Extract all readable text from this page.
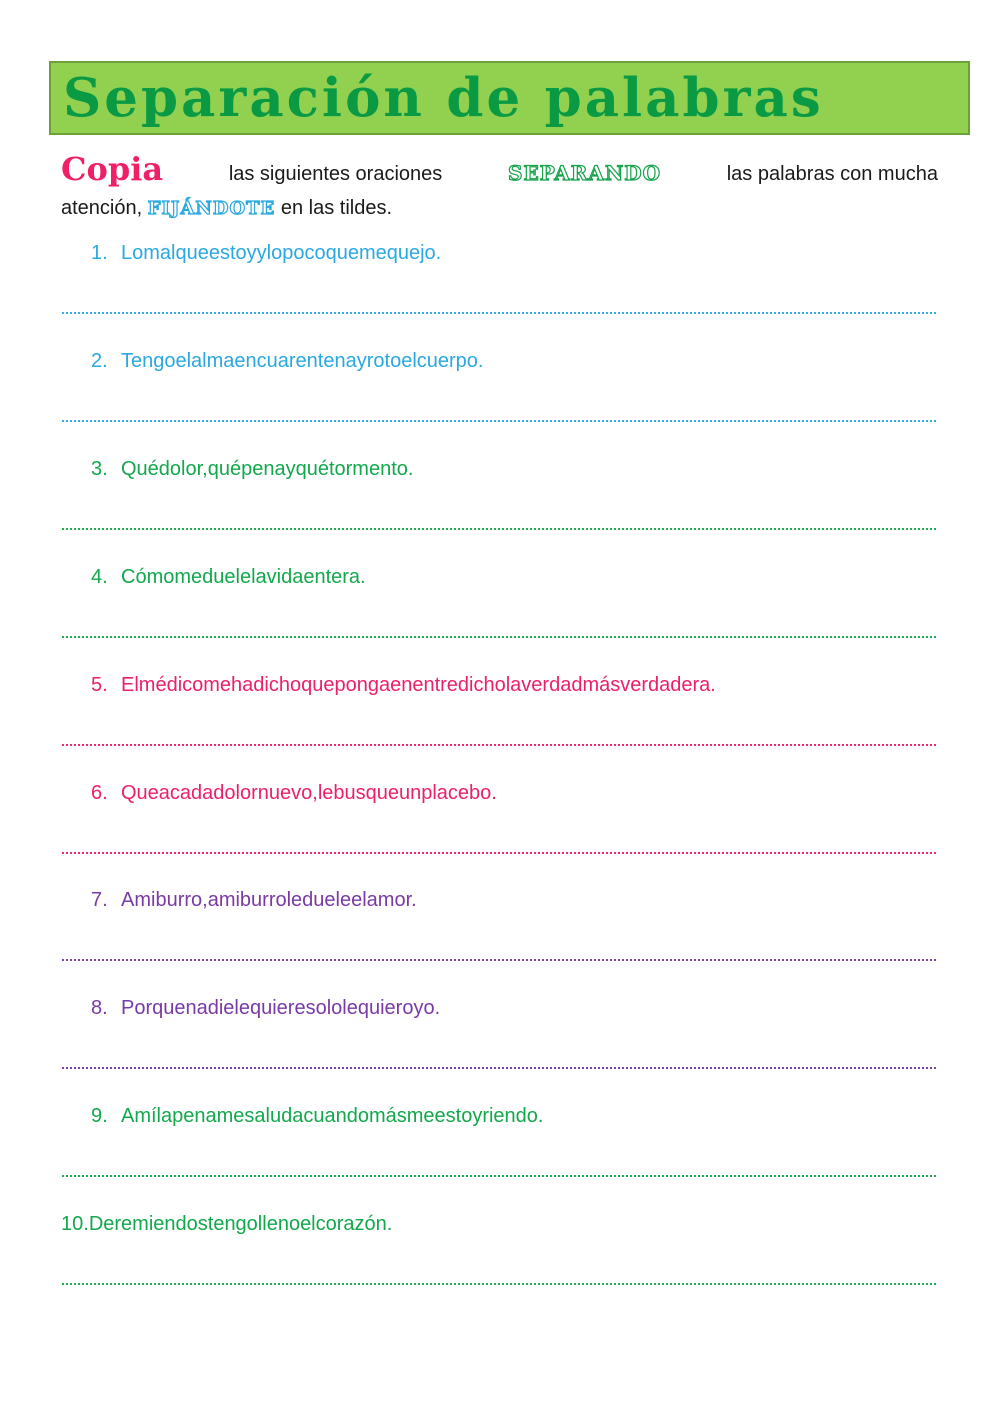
Separación de palabras
Copia	las siguientes oraciones	SEPARANDO	las palabras con mucha
atención, FIJÁNDOTE en las tildes.
1. Lomalqueestoyylopocoquemequejo.
2. Tengoelalmaencuarentenayrotoelcuerpo.
3. Quédolor,quépenayquétormento.
4. Cómomeduelelavidaentera.
5. Elmédicomehadichoquepongaenentredicholaverdadmásverdadera.
6. Queacadadolornuevo,lebusqueunplacebo.
7. Amiburro,amiburroledueleelamor.
8. Porquenadielequieresololequieroyo.
9. Amílapenamesaludacuandomásmeestoyriendo.
10.Deremiendostengollenoelcorazón.
